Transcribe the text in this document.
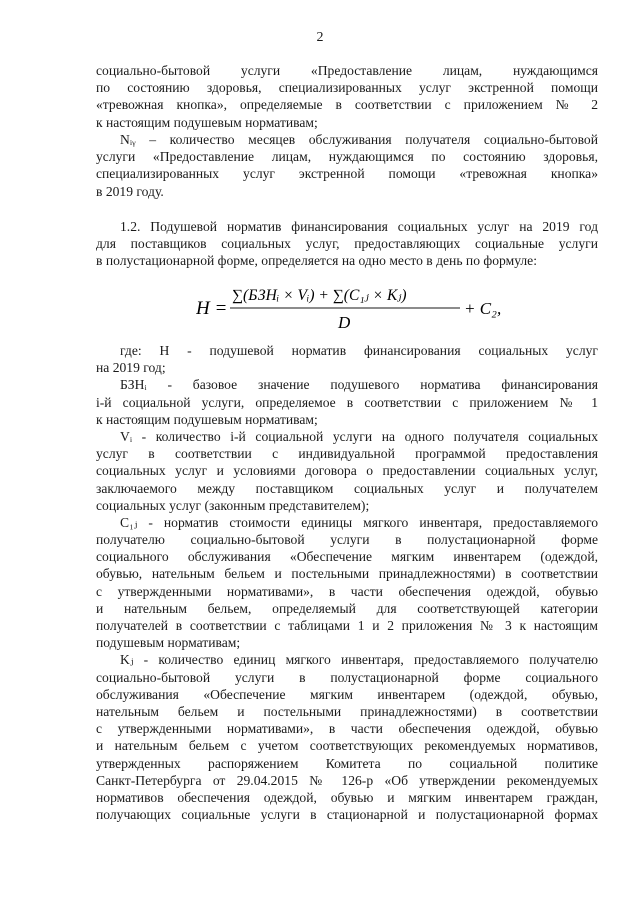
2
социально-бытовой услуги «Предоставление лицам, нуждающимся
по состоянию здоровья, специализированных услуг экстренной помощи
«тревожная кнопка», определяемые в соответствии с приложением № 2
к настоящим подушевым нормативам;
Nᵢᵧ – количество месяцев обслуживания получателя социально-бытовой
услуги «Предоставление лицам, нуждающимся по состоянию здоровья,
специализированных услуг экстренной помощи «тревожная кнопка»
в 2019 году.
1.2. Подушевой норматив финансирования социальных услуг на 2019 год
для поставщиков социальных услуг, предоставляющих социальные услуги
в полустационарной форме, определяется на одно место в день по формуле:
H =
∑(БЗНᵢ × Vᵢ) + ∑(C₁ⱼ × Kⱼ)
D
+ C₂,
где: Н - подушевой норматив финансирования социальных услуг
на 2019 год;
БЗНᵢ - базовое значение подушевого норматива финансирования
i-й социальной услуги, определяемое в соответствии с приложением № 1
к настоящим подушевым нормативам;
Vᵢ - количество i-й социальной услуги на одного получателя социальных
услуг в соответствии с индивидуальной программой предоставления
социальных услуг и условиями договора о предоставлении социальных услуг,
заключаемого между поставщиком социальных услуг и получателем
социальных услуг (законным представителем);
C₁ⱼ - норматив стоимости единицы мягкого инвентаря, предоставляемого
получателю социально-бытовой услуги в полустационарной форме
социального обслуживания «Обеспечение мягким инвентарем (одеждой,
обувью, нательным бельем и постельными принадлежностями) в соответствии
с утвержденными нормативами», в части обеспечения одеждой, обувью
и нательным бельем, определяемый для соответствующей категории
получателей в соответствии с таблицами 1 и 2 приложения № 3 к настоящим
подушевым нормативам;
Kⱼ - количество единиц мягкого инвентаря, предоставляемого получателю
социально-бытовой услуги в полустационарной форме социального
обслуживания «Обеспечение мягким инвентарем (одеждой, обувью,
нательным бельем и постельными принадлежностями) в соответствии
с утвержденными нормативами», в части обеспечения одеждой, обувью
и нательным бельем с учетом соответствующих рекомендуемых нормативов,
утвержденных распоряжением Комитета по социальной политике
Санкт-Петербурга от 29.04.2015 № 126-р «Об утверждении рекомендуемых
нормативов обеспечения одеждой, обувью и мягким инвентарем граждан,
получающих социальные услуги в стационарной и полустационарной формах
